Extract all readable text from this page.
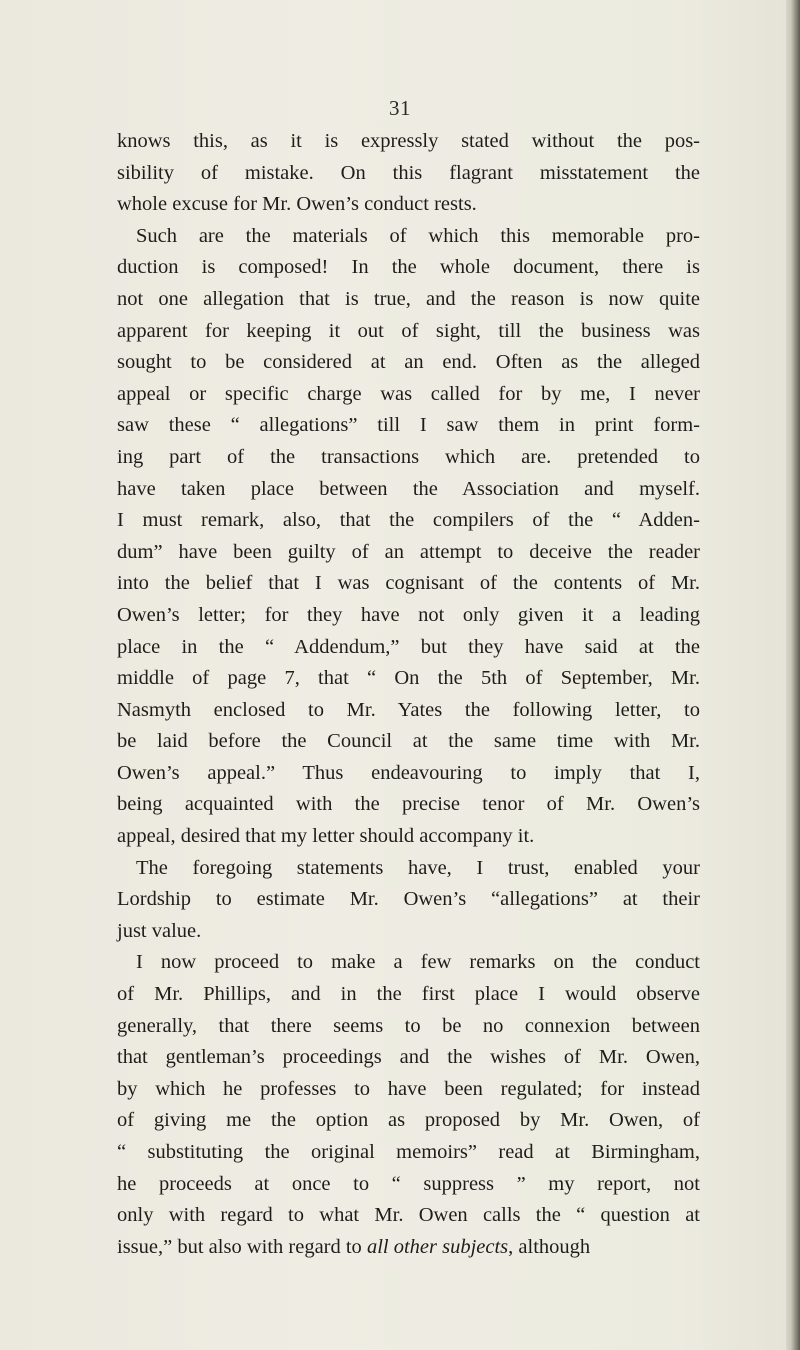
31
knows this, as it is expressly stated without the pos-
sibility of mistake. On this flagrant misstatement the
whole excuse for Mr. Owen’s conduct rests.
Such are the materials of which this memorable pro-
duction is composed! In the whole document, there is
not one allegation that is true, and the reason is now quite
apparent for keeping it out of sight, till the business was
sought to be considered at an end. Often as the alleged
appeal or specific charge was called for by me, I never
saw these “ allegations” till I saw them in print form-
ing part of the transactions which are. pretended to
have taken place between the Association and myself.
I must remark, also, that the compilers of the “ Adden-
dum” have been guilty of an attempt to deceive the reader
into the belief that I was cognisant of the contents of Mr.
Owen’s letter; for they have not only given it a leading
place in the “ Addendum,” but they have said at the
middle of page 7, that “ On the 5th of September, Mr.
Nasmyth enclosed to Mr. Yates the following letter, to
be laid before the Council at the same time with Mr.
Owen’s appeal.” Thus endeavouring to imply that I,
being acquainted with the precise tenor of Mr. Owen’s
appeal, desired that my letter should accompany it.
The foregoing statements have, I trust, enabled your
Lordship to estimate Mr. Owen’s “allegations” at their
just value.
I now proceed to make a few remarks on the conduct
of Mr. Phillips, and in the first place I would observe
generally, that there seems to be no connexion between
that gentleman’s proceedings and the wishes of Mr. Owen,
by which he professes to have been regulated; for instead
of giving me the option as proposed by Mr. Owen, of
“ substituting the original memoirs” read at Birmingham,
he proceeds at once to “ suppress ” my report, not
only with regard to what Mr. Owen calls the “ question at
issue,” but also with regard to all other subjects, although
